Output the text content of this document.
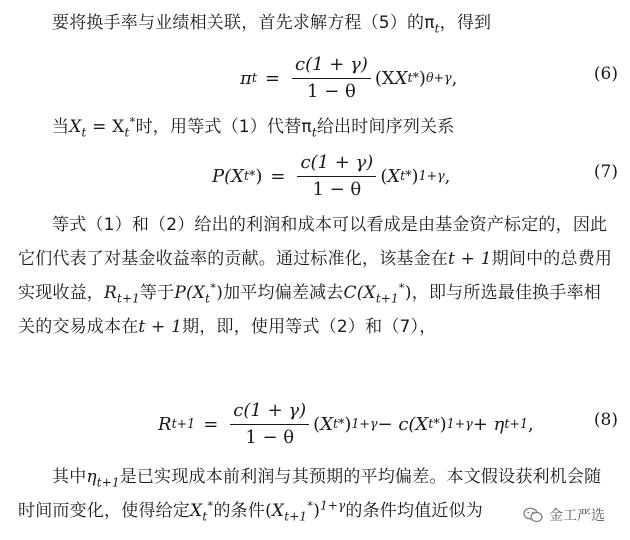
要将换手率与业绩相关联，首先求解方程（5）的$\pi_t$，得到

π $t = \frac{c(1 + \gamma)}{1 - \theta} (X$ X t * ) θ+γ ,	(6)

当$X_t = X_t^*$时，用等式（1）代替$\pi_t$给出时间序列关系

P(X t * ) = $\frac{c(1 + \gamma)}{1 - \theta}$ ( X t * ) 1+γ ,	(7)

等式（1）和（2）给出的利润和成本可以看成是由基金资产标定的，因此它们代表了对基金收益率的贡献。通过标准化，该基金在t + 1期间中的总费用实现收益，$R_{t+1}$等于$P(X_t^*)$加平均偏差减去$C(X_{t+1}^*)$，即与所选最佳换手率相关的交易成本在t + 1期，即，使用等式（2）和（7），

R $t+1 = \frac{c(1 + \gamma)}{1 - \theta}$ ( X t * ) 1+γ − c(X t * ) 1+γ + η t+1 ,	(8)

其中$\eta_{t+1}$是已实现成本前利润与其预期的平均偏差。本文假设获利机会随时间而变化，使得给定$X_t^*$的条件$(X_{t+1}^*)^{1+\gamma}$的条件均值近似为	金工严选
